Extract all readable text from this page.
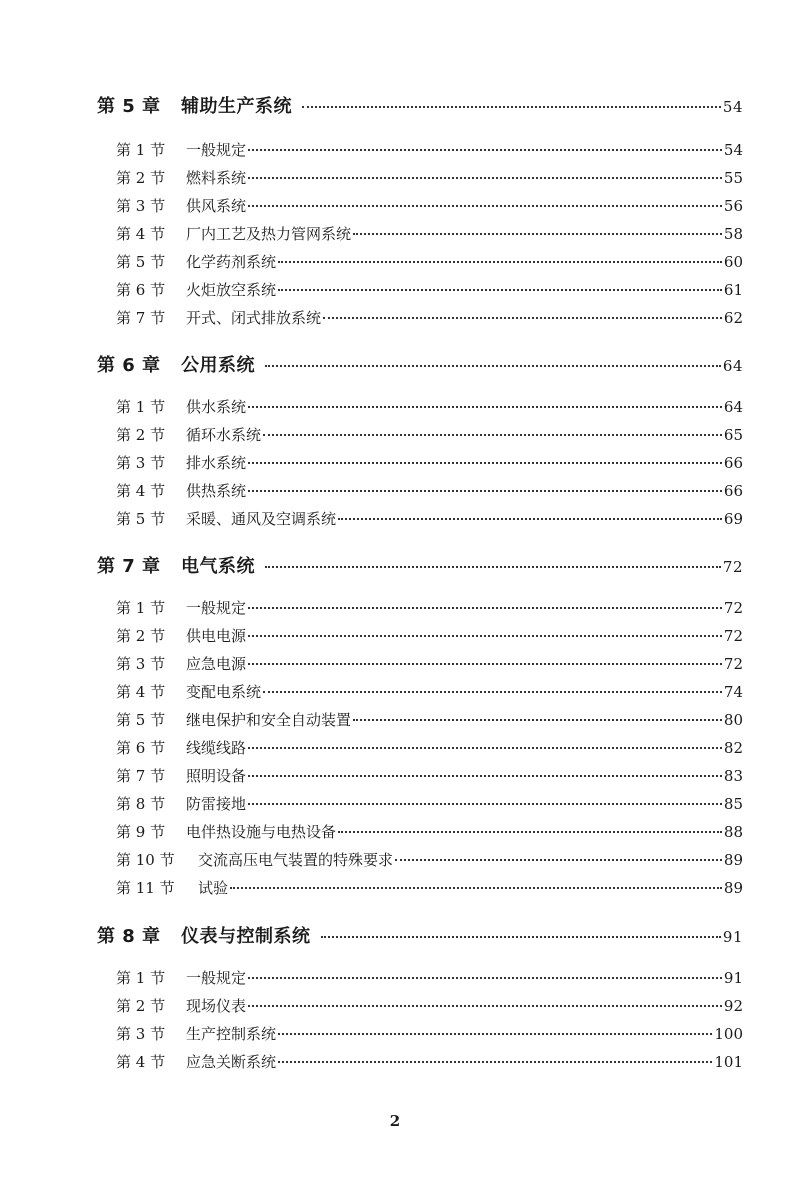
第 5 章	辅助生产系统	54
第 1 节	一般规定	54
第 2 节	燃料系统	55
第 3 节	供风系统	56
第 4 节	厂内工艺及热力管网系统	58
第 5 节	化学药剂系统	60
第 6 节	火炬放空系统	61
第 7 节	开式、闭式排放系统	62
第 6 章	公用系统	64
第 1 节	供水系统	64
第 2 节	循环水系统	65
第 3 节	排水系统	66
第 4 节	供热系统	66
第 5 节	采暖、通风及空调系统	69
第 7 章	电气系统	72
第 1 节	一般规定	72
第 2 节	供电电源	72
第 3 节	应急电源	72
第 4 节	变配电系统	74
第 5 节	继电保护和安全自动装置	80
第 6 节	线缆线路	82
第 7 节	照明设备	83
第 8 节	防雷接地	85
第 9 节	电伴热设施与电热设备	88
第 10 节	交流高压电气装置的特殊要求	89
第 11 节	试验	89
第 8 章	仪表与控制系统	91
第 1 节	一般规定	91
第 2 节	现场仪表	92
第 3 节	生产控制系统	100
第 4 节	应急关断系统	101
2
